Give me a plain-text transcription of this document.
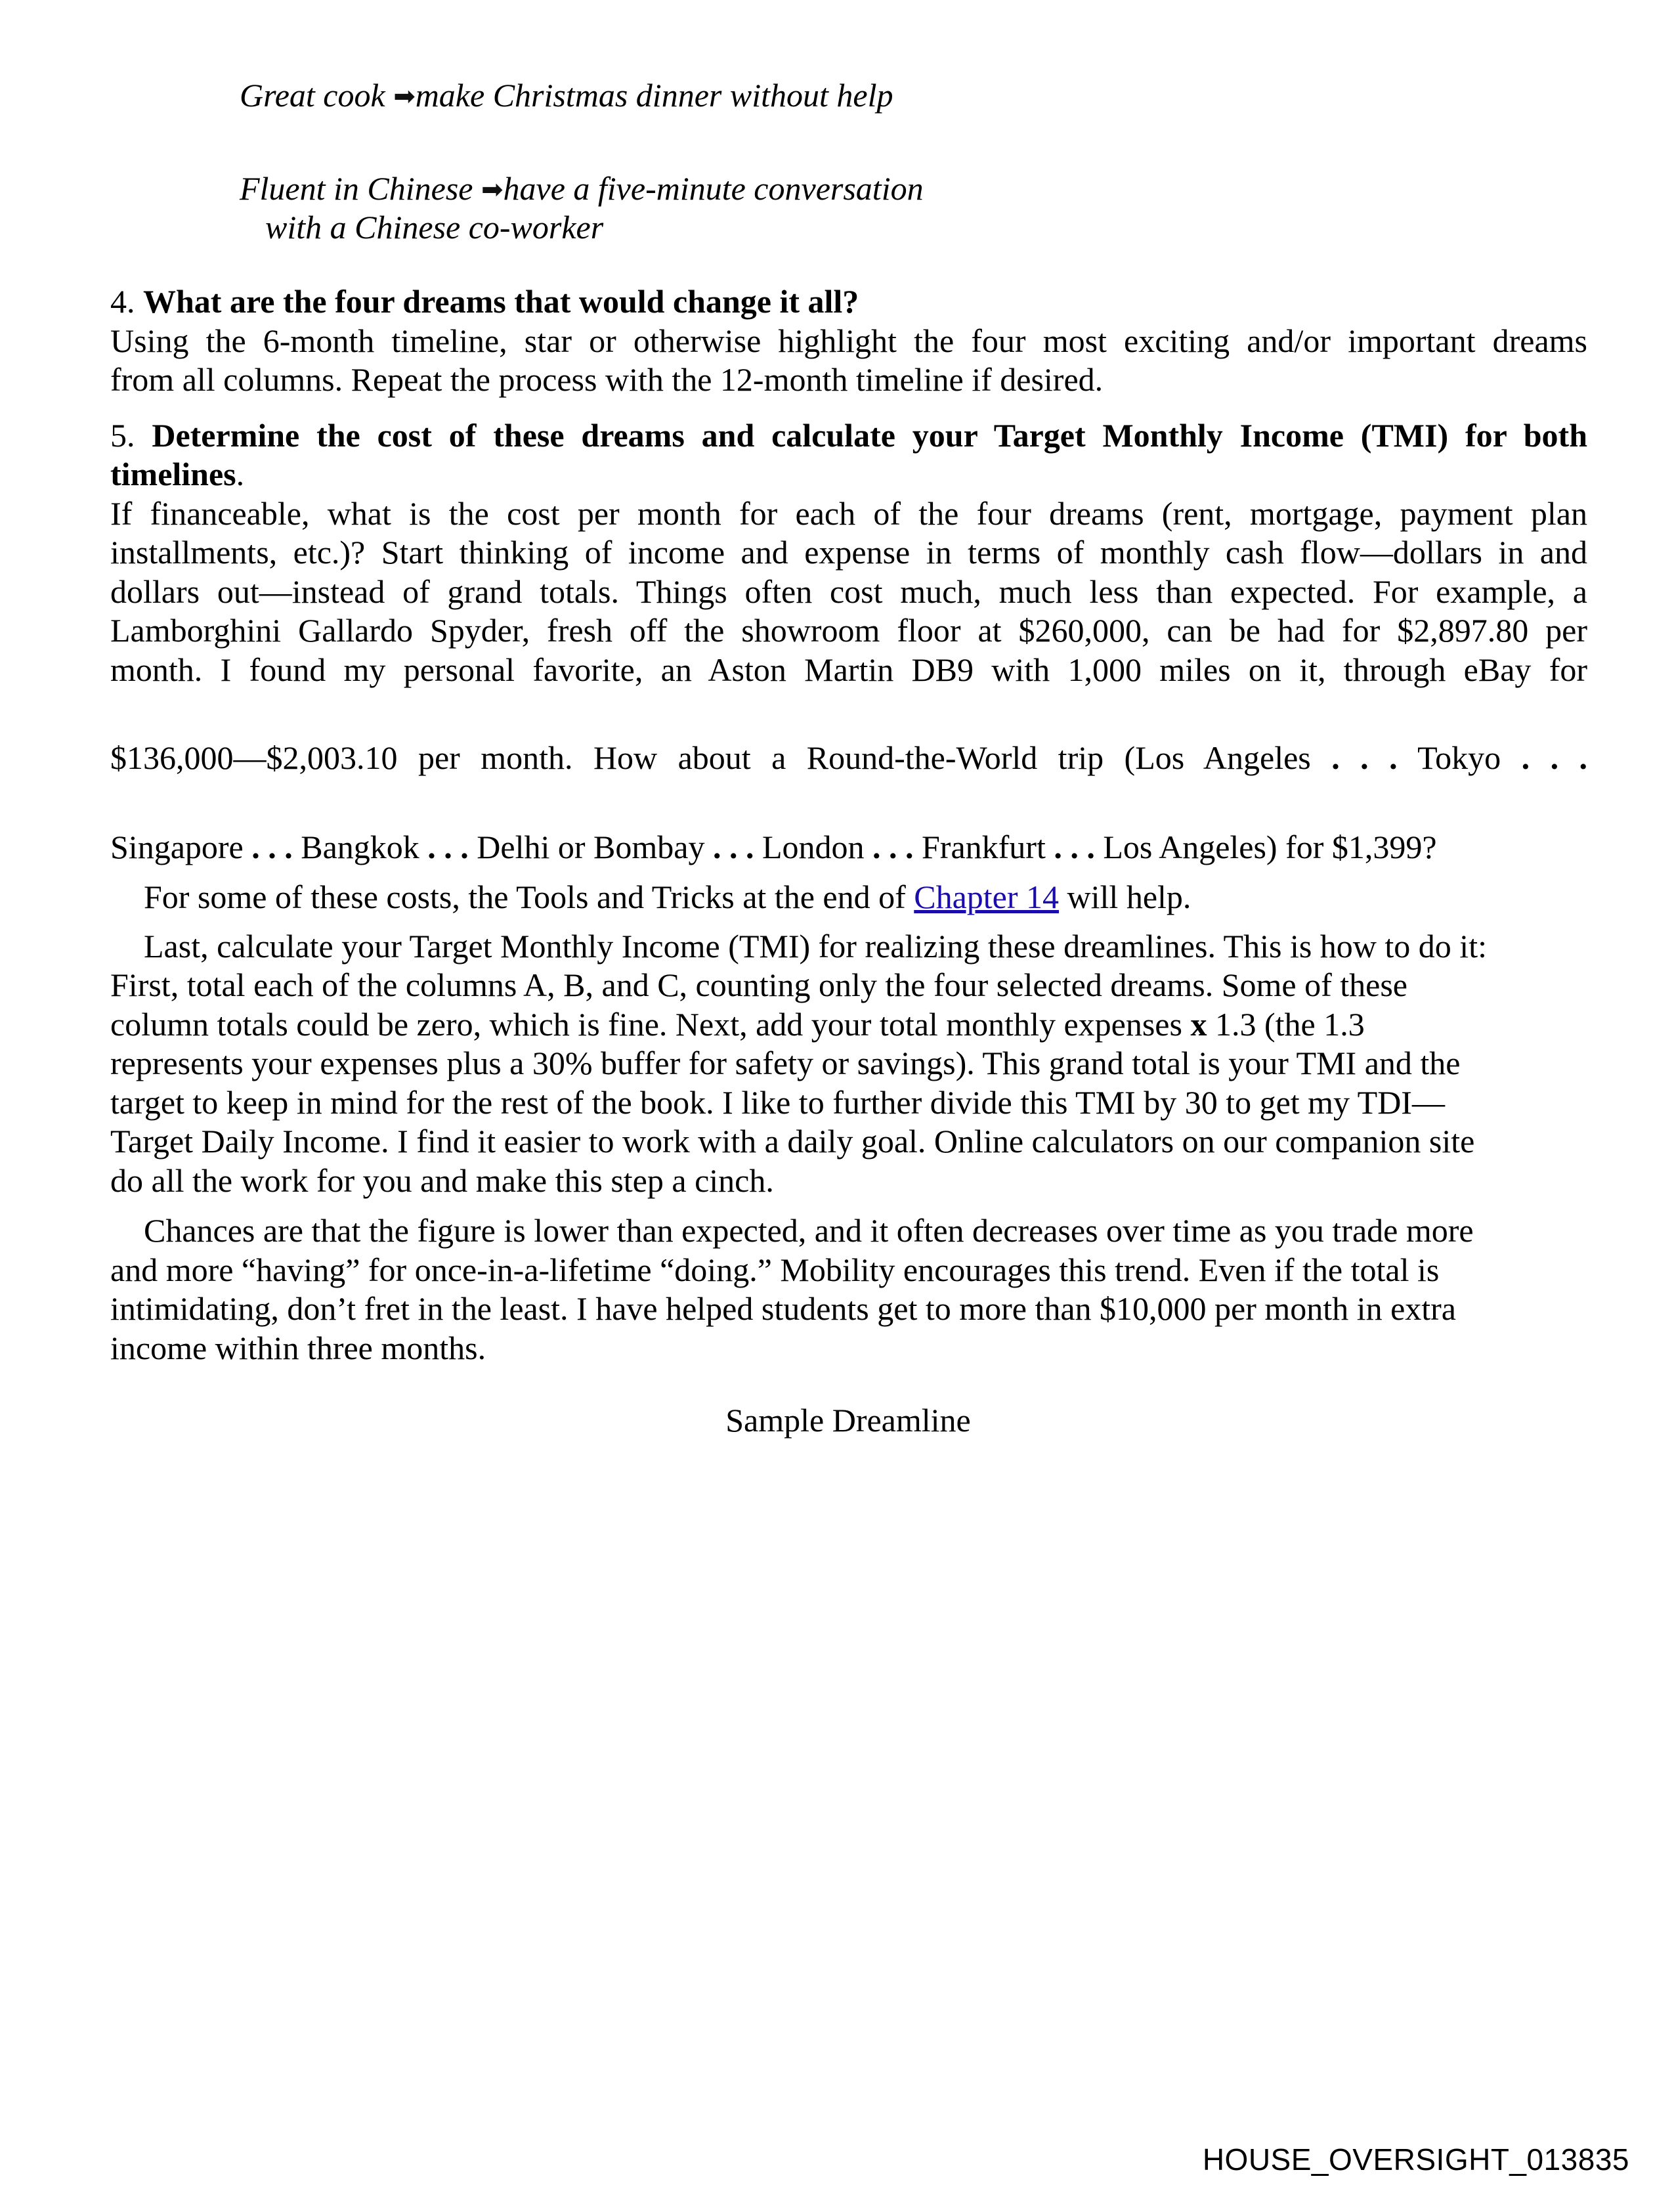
Great cook ➡make Christmas dinner without help
Fluent in Chinese ➡have a five-minute conversation
with a Chinese co-worker
4. What are the four dreams that would change it all?
Using the 6-month timeline, star or otherwise highlight the four most exciting and/or important dreams
from all columns. Repeat the process with the 12-month timeline if desired.
5. Determine the cost of these dreams and calculate your Target Monthly Income (TMI) for both
timelines.
If financeable, what is the cost per month for each of the four dreams (rent, mortgage, payment plan
installments, etc.)? Start thinking of income and expense in terms of monthly cash flow—dollars in and
dollars out—instead of grand totals. Things often cost much, much less than expected. For example, a
Lamborghini Gallardo Spyder, fresh off the showroom floor at $260,000, can be had for $2,897.80 per
month. I found my personal favorite, an Aston Martin DB9 with 1,000 miles on it, through eBay for
$136,000—$2,003.10 per month. How about a Round-the-World trip (Los Angeles . . . Tokyo . . .
Singapore . . . Bangkok . . . Delhi or Bombay . . . London . . . Frankfurt . . . Los Angeles) for $1,399?
For some of these costs, the Tools and Tricks at the end of Chapter 14 will help.
Last, calculate your Target Monthly Income (TMI) for realizing these dreamlines. This is how to do it:
First, total each of the columns A, B, and C, counting only the four selected dreams. Some of these
column totals could be zero, which is fine. Next, add your total monthly expenses x 1.3 (the 1.3
represents your expenses plus a 30% buffer for safety or savings). This grand total is your TMI and the
target to keep in mind for the rest of the book. I like to further divide this TMI by 30 to get my TDI—
Target Daily Income. I find it easier to work with a daily goal. Online calculators on our companion site
do all the work for you and make this step a cinch.
Chances are that the figure is lower than expected, and it often decreases over time as you trade more
and more “having” for once-in-a-lifetime “doing.” Mobility encourages this trend. Even if the total is
intimidating, don’t fret in the least. I have helped students get to more than $10,000 per month in extra
income within three months.
Sample Dreamline
HOUSE_OVERSIGHT_013835
